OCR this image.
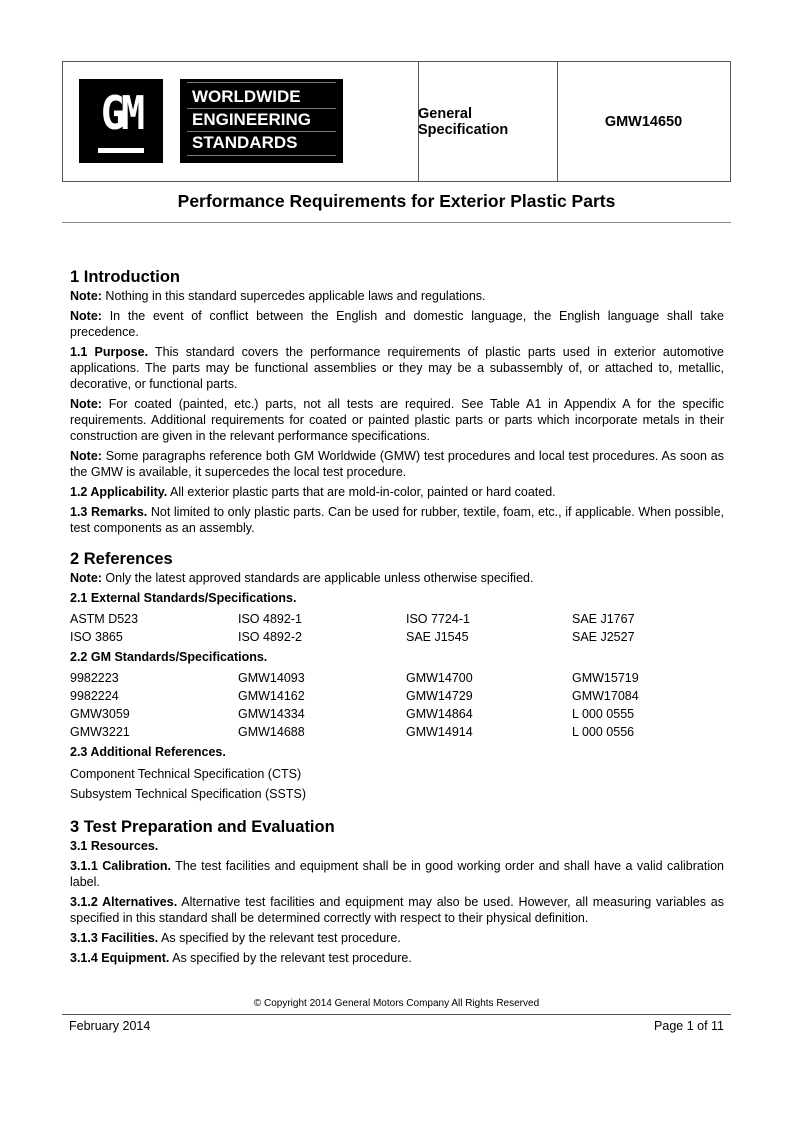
GM	WORLDWIDE
ENGINEERING
STANDARDS
General Specification	GMW14650
Performance Requirements for Exterior Plastic Parts
1 Introduction

Note: Nothing in this standard supercedes applicable laws and regulations.

Note: In the event of conflict between the English and domestic language, the English language shall take precedence.

1.1 Purpose. This standard covers the performance requirements of plastic parts used in exterior automotive applications. The parts may be functional assemblies or they may be a subassembly of, or attached to, metallic, decorative, or functional parts.

Note: For coated (painted, etc.) parts, not all tests are required. See Table A1 in Appendix A for the specific requirements. Additional requirements for coated or painted plastic parts or parts which incorporate metals in their construction are given in the relevant performance specifications.

Note: Some paragraphs reference both GM Worldwide (GMW) test procedures and local test procedures. As soon as the GMW is available, it supercedes the local test procedure.

1.2 Applicability. All exterior plastic parts that are mold-in-color, painted or hard coated.

1.3 Remarks. Not limited to only plastic parts. Can be used for rubber, textile, foam, etc., if applicable. When possible, test components as an assembly.

2 References

Note: Only the latest approved standards are applicable unless otherwise specified.

2.1 External Standards/Specifications.

ASTM D523	ISO 4892-1	ISO 7724-1	SAE J1767
ISO 3865	ISO 4892-2	SAE J1545	SAE J2527

2.2 GM Standards/Specifications.

9982223	GMW14093	GMW14700	GMW15719
9982224	GMW14162	GMW14729	GMW17084
GMW3059	GMW14334	GMW14864	L 000 0555
GMW3221	GMW14688	GMW14914	L 000 0556

2.3 Additional References.

Component Technical Specification (CTS)
Subsystem Technical Specification (SSTS)
3 Test Preparation and Evaluation

3.1 Resources.

3.1.1 Calibration. The test facilities and equipment shall be in good working order and shall have a valid calibration label.

3.1.2 Alternatives. Alternative test facilities and equipment may also be used. However, all measuring variables as specified in this standard shall be determined correctly with respect to their physical definition.

3.1.3 Facilities. As specified by the relevant test procedure.

3.1.4 Equipment. As specified by the relevant test procedure.

© Copyright 2014 General Motors Company All Rights Reserved
February 2014	Page 1 of 11
